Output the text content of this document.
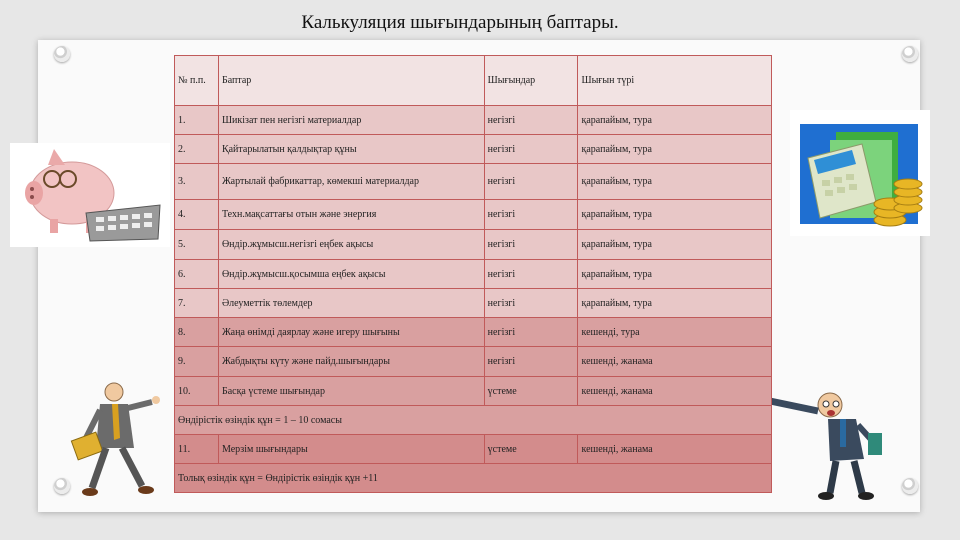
Калькуляция шығындарының баптары.
№ п.п.	Баптар	Шығындар	Шығын түрі
1.	Шикізат пен негізгі материалдар	негізгі	қарапайым, тура
2.	Қайтарылатын қалдықтар құны	негізгі	қарапайым, тура
3.	Жартылай фабрикаттар, көмекші материалдар	негізгі	қарапайым, тура
4.	Техн.мақсаттағы отын және энергия	негізгі	қарапайым, тура
5.	Өндір.жұмысш.негізгі еңбек ақысы	негізгі	қарапайым, тура
6.	Өндір.жұмысш.қосымша еңбек ақысы	негізгі	қарапайым, тура
7.	Әлеуметтік төлемдер	негізгі	қарапайым, тура
8.	Жаңа өнімді даярлау және игеру шығыны	негізгі	кешенді, тура
9.	Жабдықты күту және пайд.шығындары	негізгі	кешенді, жанама
10.	Басқа үстеме шығындар	үстеме	кешенді, жанама
Өндірістік өзіндік құн = 1 – 10 сомасы			
11.	Мерзім шығындары	үстеме	кешенді, жанама
Толық өзіндік құн = Өндірістік өзіндік құн +11			
